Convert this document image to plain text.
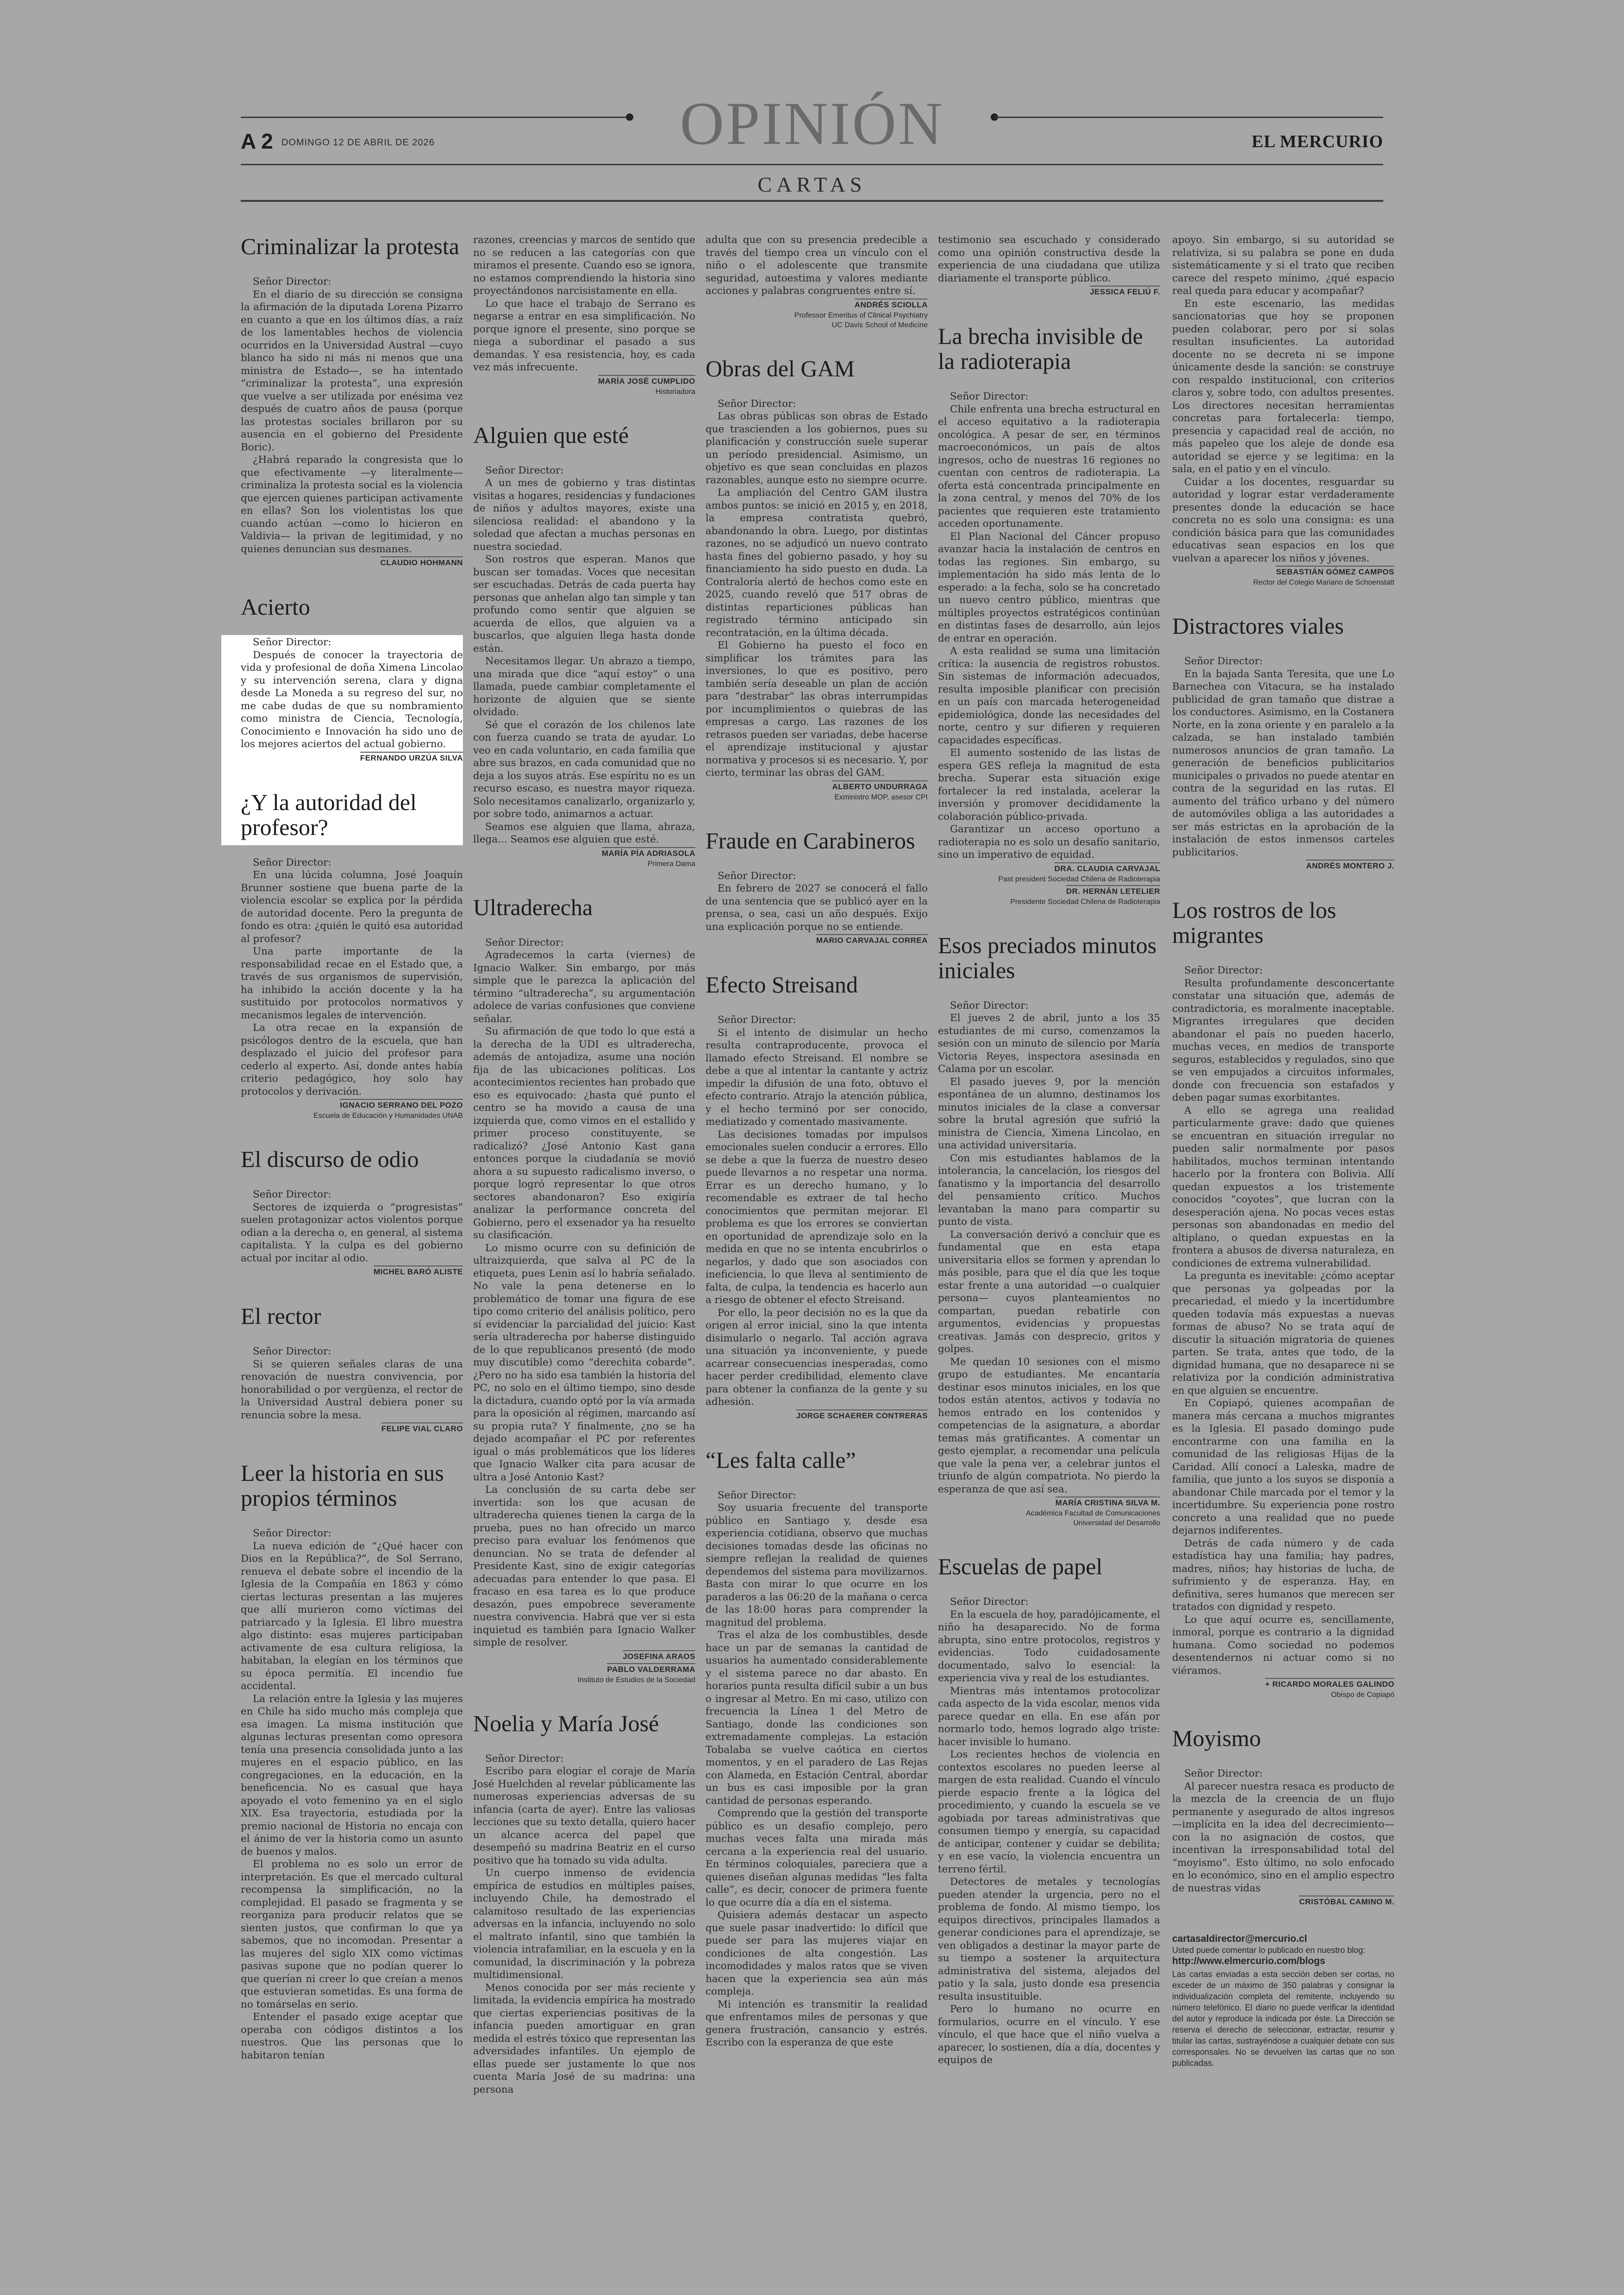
OPINIÓN
A 2 DOMINGO 12 DE ABRIL DE 2026	EL MERCURIO
CARTAS
Criminalizar la protesta

Señor Director:

En el diario de su dirección se consigna la afirmación de la diputada Lorena Pizarro en cuanto a que en los últimos días, a raíz de los lamentables hechos de violencia ocurridos en la Universidad Austral —cuyo blanco ha sido ni más ni menos que una ministra de Estado—, se ha intentado “criminalizar la protesta”, una expresión que vuelve a ser utilizada por enésima vez después de cuatro años de pausa (porque las protestas sociales brillaron por su ausencia en el gobierno del Presidente Boric).

¿Habrá reparado la congresista que lo que efectivamente —y literalmente— criminaliza la protesta social es la violencia que ejercen quienes participan activamente en ellas? Son los violentistas los que cuando actúan —como lo hicieron en Valdivia— la privan de legitimidad, y no quienes denuncian sus desmanes.

CLAUDIO HOHMANN
Acierto

Señor Director:

Después de conocer la trayectoria de vida y profesional de doña Ximena Lincolao y su intervención serena, clara y digna desde La Moneda a su regreso del sur, no me cabe dudas de que su nombramiento como ministra de Ciencia, Tecnología, Conocimiento e Innovación ha sido uno de los mejores aciertos del actual gobierno.

FERNANDO URZÚA SILVA
¿Y la autoridad del profesor?

Señor Director:

En una lúcida columna, José Joaquín Brunner sostiene que buena parte de la violencia escolar se explica por la pérdida de autoridad docente. Pero la pregunta de fondo es otra: ¿quién le quitó esa autoridad al profesor?

Una parte importante de la responsabilidad recae en el Estado que, a través de sus organismos de supervisión, ha inhibido la acción docente y la ha sustituido por protocolos normativos y mecanismos legales de intervención.

La otra recae en la expansión de psicólogos dentro de la escuela, que han desplazado el juicio del profesor para cederlo al experto. Así, donde antes había criterio pedagógico, hoy solo hay protocolos y derivación.

IGNACIO SERRANO DEL POZO
Escuela de Educación y Humanidades UNAB
El discurso de odio

Señor Director:

Sectores de izquierda o “progresistas” suelen protagonizar actos violentos porque odian a la derecha o, en general, al sistema capitalista. Y la culpa es del gobierno actual por incitar al odio.

MICHEL BARÓ ALISTE
El rector

Señor Director:

Si se quieren señales claras de una renovación de nuestra convivencia, por honorabilidad o por vergüenza, el rector de la Universidad Austral debiera poner su renuncia sobre la mesa.

FELIPE VIAL CLARO
Leer la historia en sus propios términos

Señor Director:

La nueva edición de “¿Qué hacer con Dios en la República?”, de Sol Serrano, renueva el debate sobre el incendio de la Iglesia de la Compañía en 1863 y cómo ciertas lecturas presentan a las mujeres que allí murieron como víctimas del patriarcado y la Iglesia. El libro muestra algo distinto: esas mujeres participaban activamente de esa cultura religiosa, la habitaban, la elegían en los términos que su época permitía. El incendio fue accidental.

La relación entre la Iglesia y las mujeres en Chile ha sido mucho más compleja que esa imagen. La misma institución que algunas lecturas presentan como opresora tenía una presencia consolidada junto a las mujeres en el espacio público, en las congregaciones, en la educación, en la beneficencia. No es casual que haya apoyado el voto femenino ya en el siglo XIX. Esa trayectoria, estudiada por la premio nacional de Historia no encaja con el ánimo de ver la historia como un asunto de buenos y malos.

El problema no es solo un error de interpretación. Es que el mercado cultural recompensa la simplificación, no la complejidad. El pasado se fragmenta y se reorganiza para producir relatos que se sienten justos, que confirman lo que ya sabemos, que no incomodan. Presentar a las mujeres del siglo XIX como víctimas pasivas supone que no podían querer lo que querían ni creer lo que creían a menos que estuvieran sometidas. Es una forma de no tomárselas en serio.

Entender el pasado exige aceptar que operaba con códigos distintos a los nuestros. Que las personas que lo habitaron tenían

razones, creencias y marcos de sentido que no se reducen a las categorías con que miramos el presente. Cuando eso se ignora, no estamos comprendiendo la historia sino proyectándonos narcisistamente en ella.

Lo que hace el trabajo de Serrano es negarse a entrar en esa simplificación. No porque ignore el presente, sino porque se niega a subordinar el pasado a sus demandas. Y esa resistencia, hoy, es cada vez más infrecuente.

MARÍA JOSÉ CUMPLIDO
Historiadora
Alguien que esté

Señor Director:

A un mes de gobierno y tras distintas visitas a hogares, residencias y fundaciones de niños y adultos mayores, existe una silenciosa realidad: el abandono y la soledad que afectan a muchas personas en nuestra sociedad.

Son rostros que esperan. Manos que buscan ser tomadas. Voces que necesitan ser escuchadas. Detrás de cada puerta hay personas que anhelan algo tan simple y tan profundo como sentir que alguien se acuerda de ellos, que alguien va a buscarlos, que alguien llega hasta donde están.

Necesitamos llegar. Un abrazo a tiempo, una mirada que dice “aquí estoy” o una llamada, puede cambiar completamente el horizonte de alguien que se siente olvidado.

Sé que el corazón de los chilenos late con fuerza cuando se trata de ayudar. Lo veo en cada voluntario, en cada familia que abre sus brazos, en cada comunidad que no deja a los suyos atrás. Ese espíritu no es un recurso escaso, es nuestra mayor riqueza. Solo necesitamos canalizarlo, organizarlo y, por sobre todo, animarnos a actuar.

Seamos ese alguien que llama, abraza, llega... Seamos ese alguien que esté.

MARÍA PÍA ADRIASOLA
Primera Dama
Ultraderecha

Señor Director:

Agradecemos la carta (viernes) de Ignacio Walker. Sin embargo, por más simple que le parezca la aplicación del término “ultraderecha”, su argumentación adolece de varias confusiones que conviene señalar.

Su afirmación de que todo lo que está a la derecha de la UDI es ultraderecha, además de antojadiza, asume una noción fija de las ubicaciones políticas. Los acontecimientos recientes han probado que eso es equivocado: ¿hasta qué punto el centro se ha movido a causa de una izquierda que, como vimos en el estallido y primer proceso constituyente, se radicalizó? ¿José Antonio Kast gana entonces porque la ciudadanía se movió ahora a su supuesto radicalismo inverso, o porque logró representar lo que otros sectores abandonaron? Eso exigiría analizar la performance concreta del Gobierno, pero el exsenador ya ha resuelto su clasificación.

Lo mismo ocurre con su definición de ultraizquierda, que salva al PC de la etiqueta, pues Lenin así lo habría señalado. No vale la pena detenerse en lo problemático de tomar una figura de ese tipo como criterio del análisis político, pero sí evidenciar la parcialidad del juicio: Kast sería ultraderecha por haberse distinguido de lo que republicanos presentó (de modo muy discutible) como “derechita cobarde”. ¿Pero no ha sido esa también la historia del PC, no solo en el último tiempo, sino desde la dictadura, cuando optó por la vía armada para la oposición al régimen, marcando así su propia ruta? Y finalmente, ¿no se ha dejado acompañar el PC por referentes igual o más problemáticos que los líderes que Ignacio Walker cita para acusar de ultra a José Antonio Kast?

La conclusión de su carta debe ser invertida: son los que acusan de ultraderecha quienes tienen la carga de la prueba, pues no han ofrecido un marco preciso para evaluar los fenómenos que denuncian. No se trata de defender al Presidente Kast, sino de exigir categorías adecuadas para entender lo que pasa. El fracaso en esa tarea es lo que produce desazón, pues empobrece severamente nuestra convivencia. Habrá que ver si esta inquietud es también para Ignacio Walker simple de resolver.

JOSEFINA ARAOS
PABLO VALDERRAMA
Instituto de Estudios de la Sociedad
Noelia y María José

Señor Director:

Escribo para elogiar el coraje de María José Huelchden al revelar públicamente las numerosas experiencias adversas de su infancia (carta de ayer). Entre las valiosas lecciones que su texto detalla, quiero hacer un alcance acerca del papel que desempeñó su madrina Beatriz en el curso positivo que ha tomado su vida adulta.

Un cuerpo inmenso de evidencia empírica de estudios en múltiples países, incluyendo Chile, ha demostrado el calamitoso resultado de las experiencias adversas en la infancia, incluyendo no solo el maltrato infantil, sino que también la violencia intrafamiliar, en la escuela y en la comunidad, la discriminación y la pobreza multidimensional.

Menos conocida por ser más reciente y limitada, la evidencia empírica ha mostrado que ciertas experiencias positivas de la infancia pueden amortiguar en gran medida el estrés tóxico que representan las adversidades infantiles. Un ejemplo de ellas puede ser justamente lo que nos cuenta María José de su madrina: una persona

adulta que con su presencia predecible a través del tiempo crea un vínculo con el niño o el adolescente que transmite seguridad, autoestima y valores mediante acciones y palabras congruentes entre sí.

ANDRÉS SCIOLLA
Professor Emeritus of Clinical Psychiatry
UC Davis School of Medicine
Obras del GAM

Señor Director:

Las obras públicas son obras de Estado que trascienden a los gobiernos, pues su planificación y construcción suele superar un período presidencial. Asimismo, un objetivo es que sean concluidas en plazos razonables, aunque esto no siempre ocurre.

La ampliación del Centro GAM ilustra ambos puntos: se inició en 2015 y, en 2018, la empresa contratista quebró, abandonando la obra. Luego, por distintas razones, no se adjudicó un nuevo contrato hasta fines del gobierno pasado, y hoy su financiamiento ha sido puesto en duda. La Contraloría alertó de hechos como este en 2025, cuando reveló que 517 obras de distintas reparticiones públicas han registrado término anticipado sin recontratación, en la última década.

El Gobierno ha puesto el foco en simplificar los trámites para las inversiones, lo que es positivo, pero también sería deseable un plan de acción para “destrabar” las obras interrumpidas por incumplimientos o quiebras de las empresas a cargo. Las razones de los retrasos pueden ser variadas, debe hacerse el aprendizaje institucional y ajustar normativa y procesos si es necesario. Y, por cierto, terminar las obras del GAM.

ALBERTO UNDURRAGA
Exministro MOP, asesor CPI
Fraude en Carabineros

Señor Director:

En febrero de 2027 se conocerá el fallo de una sentencia que se publicó ayer en la prensa, o sea, casi un año después. Exijo una explicación porque no se entiende.

MARIO CARVAJAL CORREA
Efecto Streisand

Señor Director:

Si el intento de disimular un hecho resulta contraproducente, provoca el llamado efecto Streisand. El nombre se debe a que al intentar la cantante y actriz impedir la difusión de una foto, obtuvo el efecto contrario. Atrajo la atención pública, y el hecho terminó por ser conocido, mediatizado y comentado masivamente.

Las decisiones tomadas por impulsos emocionales suelen conducir a errores. Ello se debe a que la fuerza de nuestro deseo puede llevarnos a no respetar una norma. Errar es un derecho humano, y lo recomendable es extraer de tal hecho conocimientos que permitan mejorar. El problema es que los errores se conviertan en oportunidad de aprendizaje solo en la medida en que no se intenta encubrirlos o negarlos, y dado que son asociados con ineficiencia, lo que lleva al sentimiento de falta, de culpa, la tendencia es hacerlo aun a riesgo de obtener el efecto Streisand.

Por ello, la peor decisión no es la que da origen al error inicial, sino la que intenta disimularlo o negarlo. Tal acción agrava una situación ya inconveniente, y puede acarrear consecuencias inesperadas, como hacer perder credibilidad, elemento clave para obtener la confianza de la gente y su adhesión.

JORGE SCHAERER CONTRERAS
“Les falta calle”

Señor Director:

Soy usuaria frecuente del transporte público en Santiago y, desde esa experiencia cotidiana, observo que muchas decisiones tomadas desde las oficinas no siempre reflejan la realidad de quienes dependemos del sistema para movilizarnos. Basta con mirar lo que ocurre en los paraderos a las 06:20 de la mañana o cerca de las 18:00 horas para comprender la magnitud del problema.

Tras el alza de los combustibles, desde hace un par de semanas la cantidad de usuarios ha aumentado considerablemente y el sistema parece no dar abasto. En horarios punta resulta difícil subir a un bus o ingresar al Metro. En mi caso, utilizo con frecuencia la Línea 1 del Metro de Santiago, donde las condiciones son extremadamente complejas. La estación Tobalaba se vuelve caótica en ciertos momentos, y en el paradero de Las Rejas con Alameda, en Estación Central, abordar un bus es casi imposible por la gran cantidad de personas esperando.

Comprendo que la gestión del transporte público es un desafío complejo, pero muchas veces falta una mirada más cercana a la experiencia real del usuario. En términos coloquiales, pareciera que a quienes diseñan algunas medidas “les falta calle”, es decir, conocer de primera fuente lo que ocurre día a día en el sistema.

Quisiera además destacar un aspecto que suele pasar inadvertido: lo difícil que puede ser para las mujeres viajar en condiciones de alta congestión. Las incomodidades y malos ratos que se viven hacen que la experiencia sea aún más compleja.

Mi intención es transmitir la realidad que enfrentamos miles de personas y que genera frustración, cansancio y estrés. Escribo con la esperanza de que este

testimonio sea escuchado y considerado como una opinión constructiva desde la experiencia de una ciudadana que utiliza diariamente el transporte público.

JESSICA FELIÚ F.
La brecha invisible de la radioterapia

Señor Director:

Chile enfrenta una brecha estructural en el acceso equitativo a la radioterapia oncológica. A pesar de ser, en términos macroeconómicos, un país de altos ingresos, ocho de nuestras 16 regiones no cuentan con centros de radioterapia. La oferta está concentrada principalmente en la zona central, y menos del 70% de los pacientes que requieren este tratamiento acceden oportunamente.

El Plan Nacional del Cáncer propuso avanzar hacia la instalación de centros en todas las regiones. Sin embargo, su implementación ha sido más lenta de lo esperado: a la fecha, solo se ha concretado un nuevo centro público, mientras que múltiples proyectos estratégicos continúan en distintas fases de desarrollo, aún lejos de entrar en operación.

A esta realidad se suma una limitación crítica: la ausencia de registros robustos. Sin sistemas de información adecuados, resulta imposible planificar con precisión en un país con marcada heterogeneidad epidemiológica, donde las necesidades del norte, centro y sur difieren y requieren capacidades específicas.

El aumento sostenido de las listas de espera GES refleja la magnitud de esta brecha. Superar esta situación exige fortalecer la red instalada, acelerar la inversión y promover decididamente la colaboración público-privada.

Garantizar un acceso oportuno a radioterapia no es solo un desafío sanitario, sino un imperativo de equidad.

DRA. CLAUDIA CARVAJAL
Past president Sociedad Chilena de Radioterapia
DR. HERNÁN LETELIER
Presidente Sociedad Chilena de Radioterapia
Esos preciados minutos iniciales

Señor Director:

El jueves 2 de abril, junto a los 35 estudiantes de mi curso, comenzamos la sesión con un minuto de silencio por María Victoria Reyes, inspectora asesinada en Calama por un escolar.

El pasado jueves 9, por la mención espontánea de un alumno, destinamos los minutos iniciales de la clase a conversar sobre la brutal agresión que sufrió la ministra de Ciencia, Ximena Lincolao, en una actividad universitaria.

Con mis estudiantes hablamos de la intolerancia, la cancelación, los riesgos del fanatismo y la importancia del desarrollo del pensamiento crítico. Muchos levantaban la mano para compartir su punto de vista.

La conversación derivó a concluir que es fundamental que en esta etapa universitaria ellos se formen y aprendan lo más posible, para que el día que les toque estar frente a una autoridad —o cualquier persona— cuyos planteamientos no compartan, puedan rebatirle con argumentos, evidencias y propuestas creativas. Jamás con desprecio, gritos y golpes.

Me quedan 10 sesiones con el mismo grupo de estudiantes. Me encantaría destinar esos minutos iniciales, en los que todos están atentos, activos y todavía no hemos entrado en los contenidos y competencias de la asignatura, a abordar temas más gratificantes. A comentar un gesto ejemplar, a recomendar una película que vale la pena ver, a celebrar juntos el triunfo de algún compatriota. No pierdo la esperanza de que así sea.

MARÍA CRISTINA SILVA M.
Académica Facultad de Comunicaciones
Universidad del Desarrollo
Escuelas de papel

Señor Director:

En la escuela de hoy, paradójicamente, el niño ha desaparecido. No de forma abrupta, sino entre protocolos, registros y evidencias. Todo cuidadosamente documentado, salvo lo esencial: la experiencia viva y real de los estudiantes.

Mientras más intentamos protocolizar cada aspecto de la vida escolar, menos vida parece quedar en ella. En ese afán por normarlo todo, hemos logrado algo triste: hacer invisible lo humano.

Los recientes hechos de violencia en contextos escolares no pueden leerse al margen de esta realidad. Cuando el vínculo pierde espacio frente a la lógica del procedimiento, y cuando la escuela se ve agobiada por tareas administrativas que consumen tiempo y energía, su capacidad de anticipar, contener y cuidar se debilita; y en ese vacío, la violencia encuentra un terreno fértil.

Detectores de metales y tecnologías pueden atender la urgencia, pero no el problema de fondo. Al mismo tiempo, los equipos directivos, principales llamados a generar condiciones para el aprendizaje, se ven obligados a destinar la mayor parte de su tiempo a sostener la arquitectura administrativa del sistema, alejados del patio y la sala, justo donde esa presencia resulta insustituible.

Pero lo humano no ocurre en formularios, ocurre en el vínculo. Y ese vínculo, el que hace que el niño vuelva a aparecer, lo sostienen, día a día, docentes y equipos de

apoyo. Sin embargo, si su autoridad se relativiza, si su palabra se pone en duda sistemáticamente y si el trato que reciben carece del respeto mínimo, ¿qué espacio real queda para educar y acompañar?

En este escenario, las medidas sancionatorias que hoy se proponen pueden colaborar, pero por sí solas resultan insuficientes. La autoridad docente no se decreta ni se impone únicamente desde la sanción: se construye con respaldo institucional, con criterios claros y, sobre todo, con adultos presentes. Los directores necesitan herramientas concretas para fortalecerla: tiempo, presencia y capacidad real de acción, no más papeleo que los aleje de donde esa autoridad se ejerce y se legitima: en la sala, en el patio y en el vínculo.

Cuidar a los docentes, resguardar su autoridad y lograr estar verdaderamente presentes donde la educación se hace concreta no es solo una consigna: es una condición básica para que las comunidades educativas sean espacios en los que vuelvan a aparecer los niños y jóvenes.

SEBASTIÁN GÓMEZ CAMPOS
Rector del Colegio Mariano de Schoenstatt
Distractores viales

Señor Director:

En la bajada Santa Teresita, que une Lo Barnechea con Vitacura, se ha instalado publicidad de gran tamaño que distrae a los conductores. Asimismo, en la Costanera Norte, en la zona oriente y en paralelo a la calzada, se han instalado también numerosos anuncios de gran tamaño. La generación de beneficios publicitarios municipales o privados no puede atentar en contra de la seguridad en las rutas. El aumento del tráfico urbano y del número de automóviles obliga a las autoridades a ser más estrictas en la aprobación de la instalación de estos inmensos carteles publicitarios.

ANDRÉS MONTERO J.
Los rostros de los migrantes

Señor Director:

Resulta profundamente desconcertante constatar una situación que, además de contradictoria, es moralmente inaceptable. Migrantes irregulares que deciden abandonar el país no pueden hacerlo, muchas veces, en medios de transporte seguros, establecidos y regulados, sino que se ven empujados a circuitos informales, donde con frecuencia son estafados y deben pagar sumas exorbitantes.

A ello se agrega una realidad particularmente grave: dado que quienes se encuentran en situación irregular no pueden salir normalmente por pasos habilitados, muchos terminan intentando hacerlo por la frontera con Bolivia. Allí quedan expuestos a los tristemente conocidos “coyotes”, que lucran con la desesperación ajena. No pocas veces estas personas son abandonadas en medio del altiplano, o quedan expuestas en la frontera a abusos de diversa naturaleza, en condiciones de extrema vulnerabilidad.

La pregunta es inevitable: ¿cómo aceptar que personas ya golpeadas por la precariedad, el miedo y la incertidumbre queden todavía más expuestas a nuevas formas de abuso? No se trata aquí de discutir la situación migratoria de quienes parten. Se trata, antes que todo, de la dignidad humana, que no desaparece ni se relativiza por la condición administrativa en que alguien se encuentre.

En Copiapó, quienes acompañan de manera más cercana a muchos migrantes es la Iglesia. El pasado domingo pude encontrarme con una familia en la comunidad de las religiosas Hijas de la Caridad. Allí conocí a Laleska, madre de familia, que junto a los suyos se disponía a abandonar Chile marcada por el temor y la incertidumbre. Su experiencia pone rostro concreto a una realidad que no puede dejarnos indiferentes.

Detrás de cada número y de cada estadística hay una familia; hay padres, madres, niños; hay historias de lucha, de sufrimiento y de esperanza. Hay, en definitiva, seres humanos que merecen ser tratados con dignidad y respeto.

Lo que aquí ocurre es, sencillamente, inmoral, porque es contrario a la dignidad humana. Como sociedad no podemos desentendernos ni actuar como si no viéramos.

+ RICARDO MORALES GALINDO
Obispo de Copiapó
Moyismo

Señor Director:

Al parecer nuestra resaca es producto de la mezcla de la creencia de un flujo permanente y asegurado de altos ingresos —implícita en la idea del decrecimiento— con la no asignación de costos, que incentivan la irresponsabilidad total del “moyismo”. Esto último, no solo enfocado en lo económico, sino en el amplio espectro de nuestras vidas

CRISTÓBAL CAMINO M.
cartasaldirector@mercurio.cl
Usted puede comentar lo publicado en nuestro blog:
http://www.elmercurio.com/blogs

Las cartas enviadas a esta sección deben ser cortas, no exceder de un máximo de 350 palabras y consignar la individualización completa del remitente, incluyendo su número telefónico. El diario no puede verificar la identidad del autor y reproduce la indicada por éste. La Dirección se reserva el derecho de seleccionar, extractar, resumir y titular las cartas, sustrayéndose a cualquier debate con sus corresponsales. No se devuelven las cartas que no son publicadas.
